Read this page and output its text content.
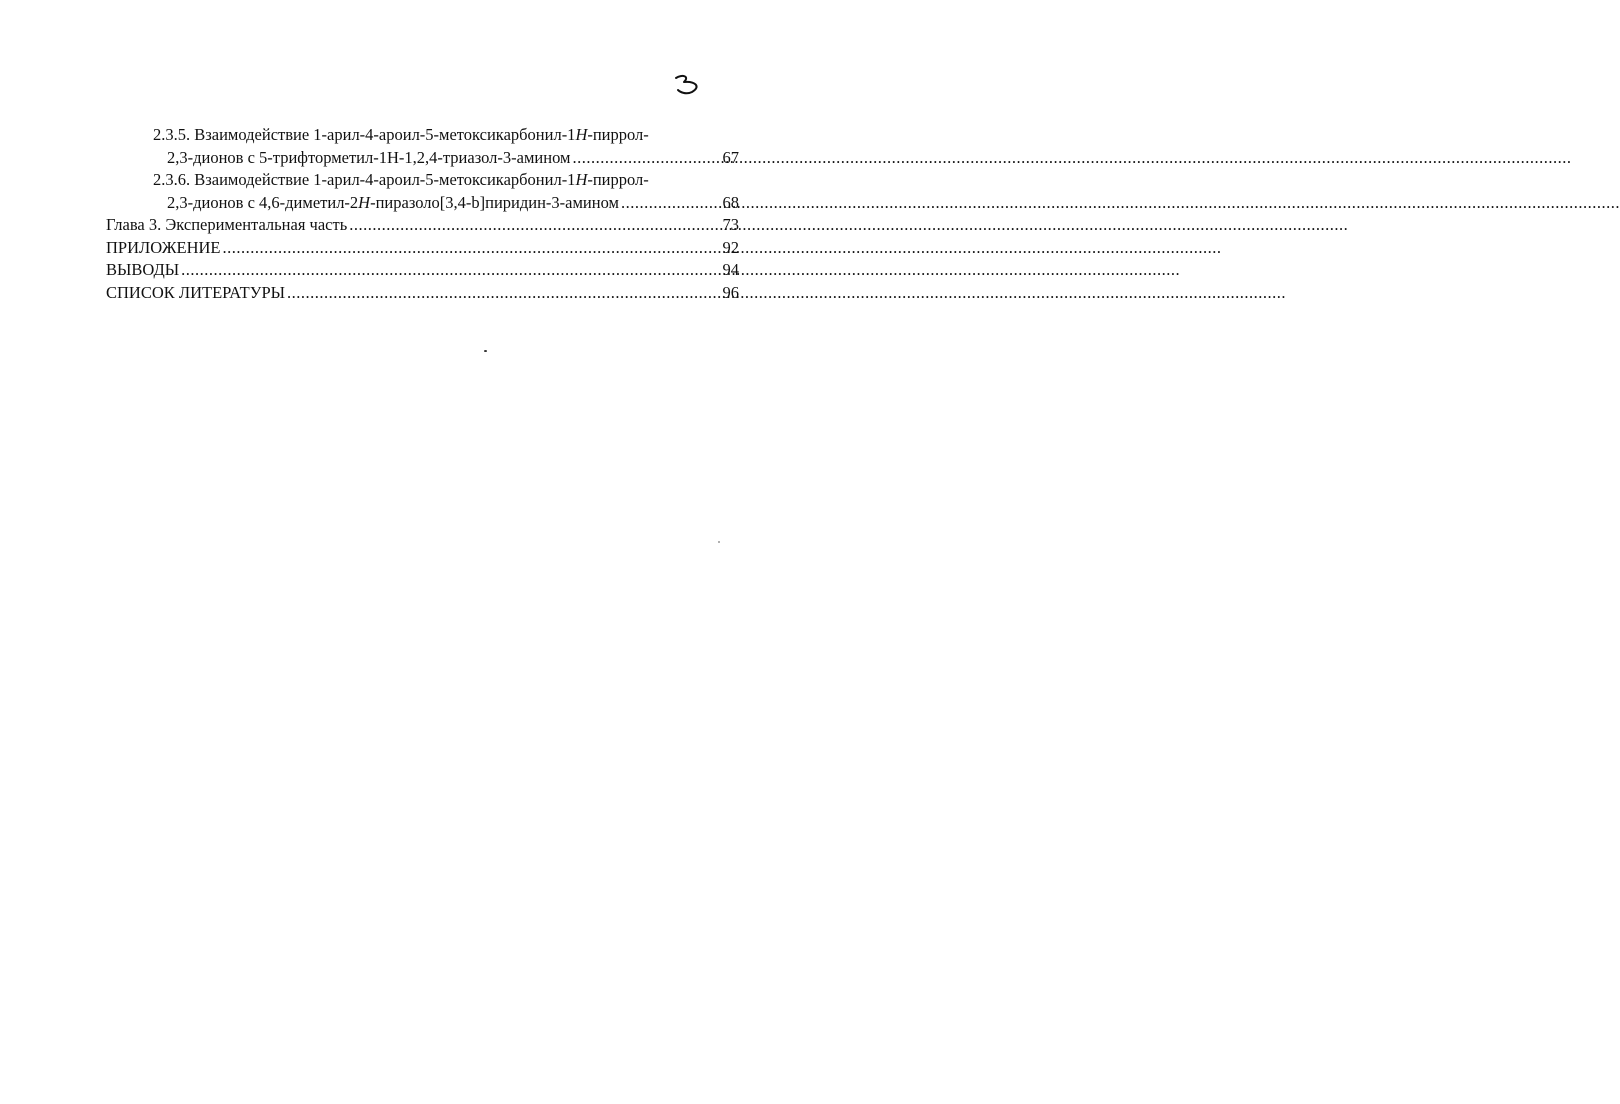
2.3.5. Взаимодействие 1-арил-4-ароил-5-метоксикарбонил-1H-пиррол-
2,3-дионов с 5-трифторметил-1H-1,2,4-триазол-3-амином .....	67
2.3.6. Взаимодействие 1-арил-4-ароил-5-метоксикарбонил-1H-пиррол-
2,3-дионов с 4,6-диметил-2H-пиразоло[3,4-b]пиридин-3-амином .....	68
Глава 3. Экспериментальная часть .....	73
ПРИЛОЖЕНИЕ .....	92
ВЫВОДЫ .....	94
СПИСОК ЛИТЕРАТУРЫ .....	96
